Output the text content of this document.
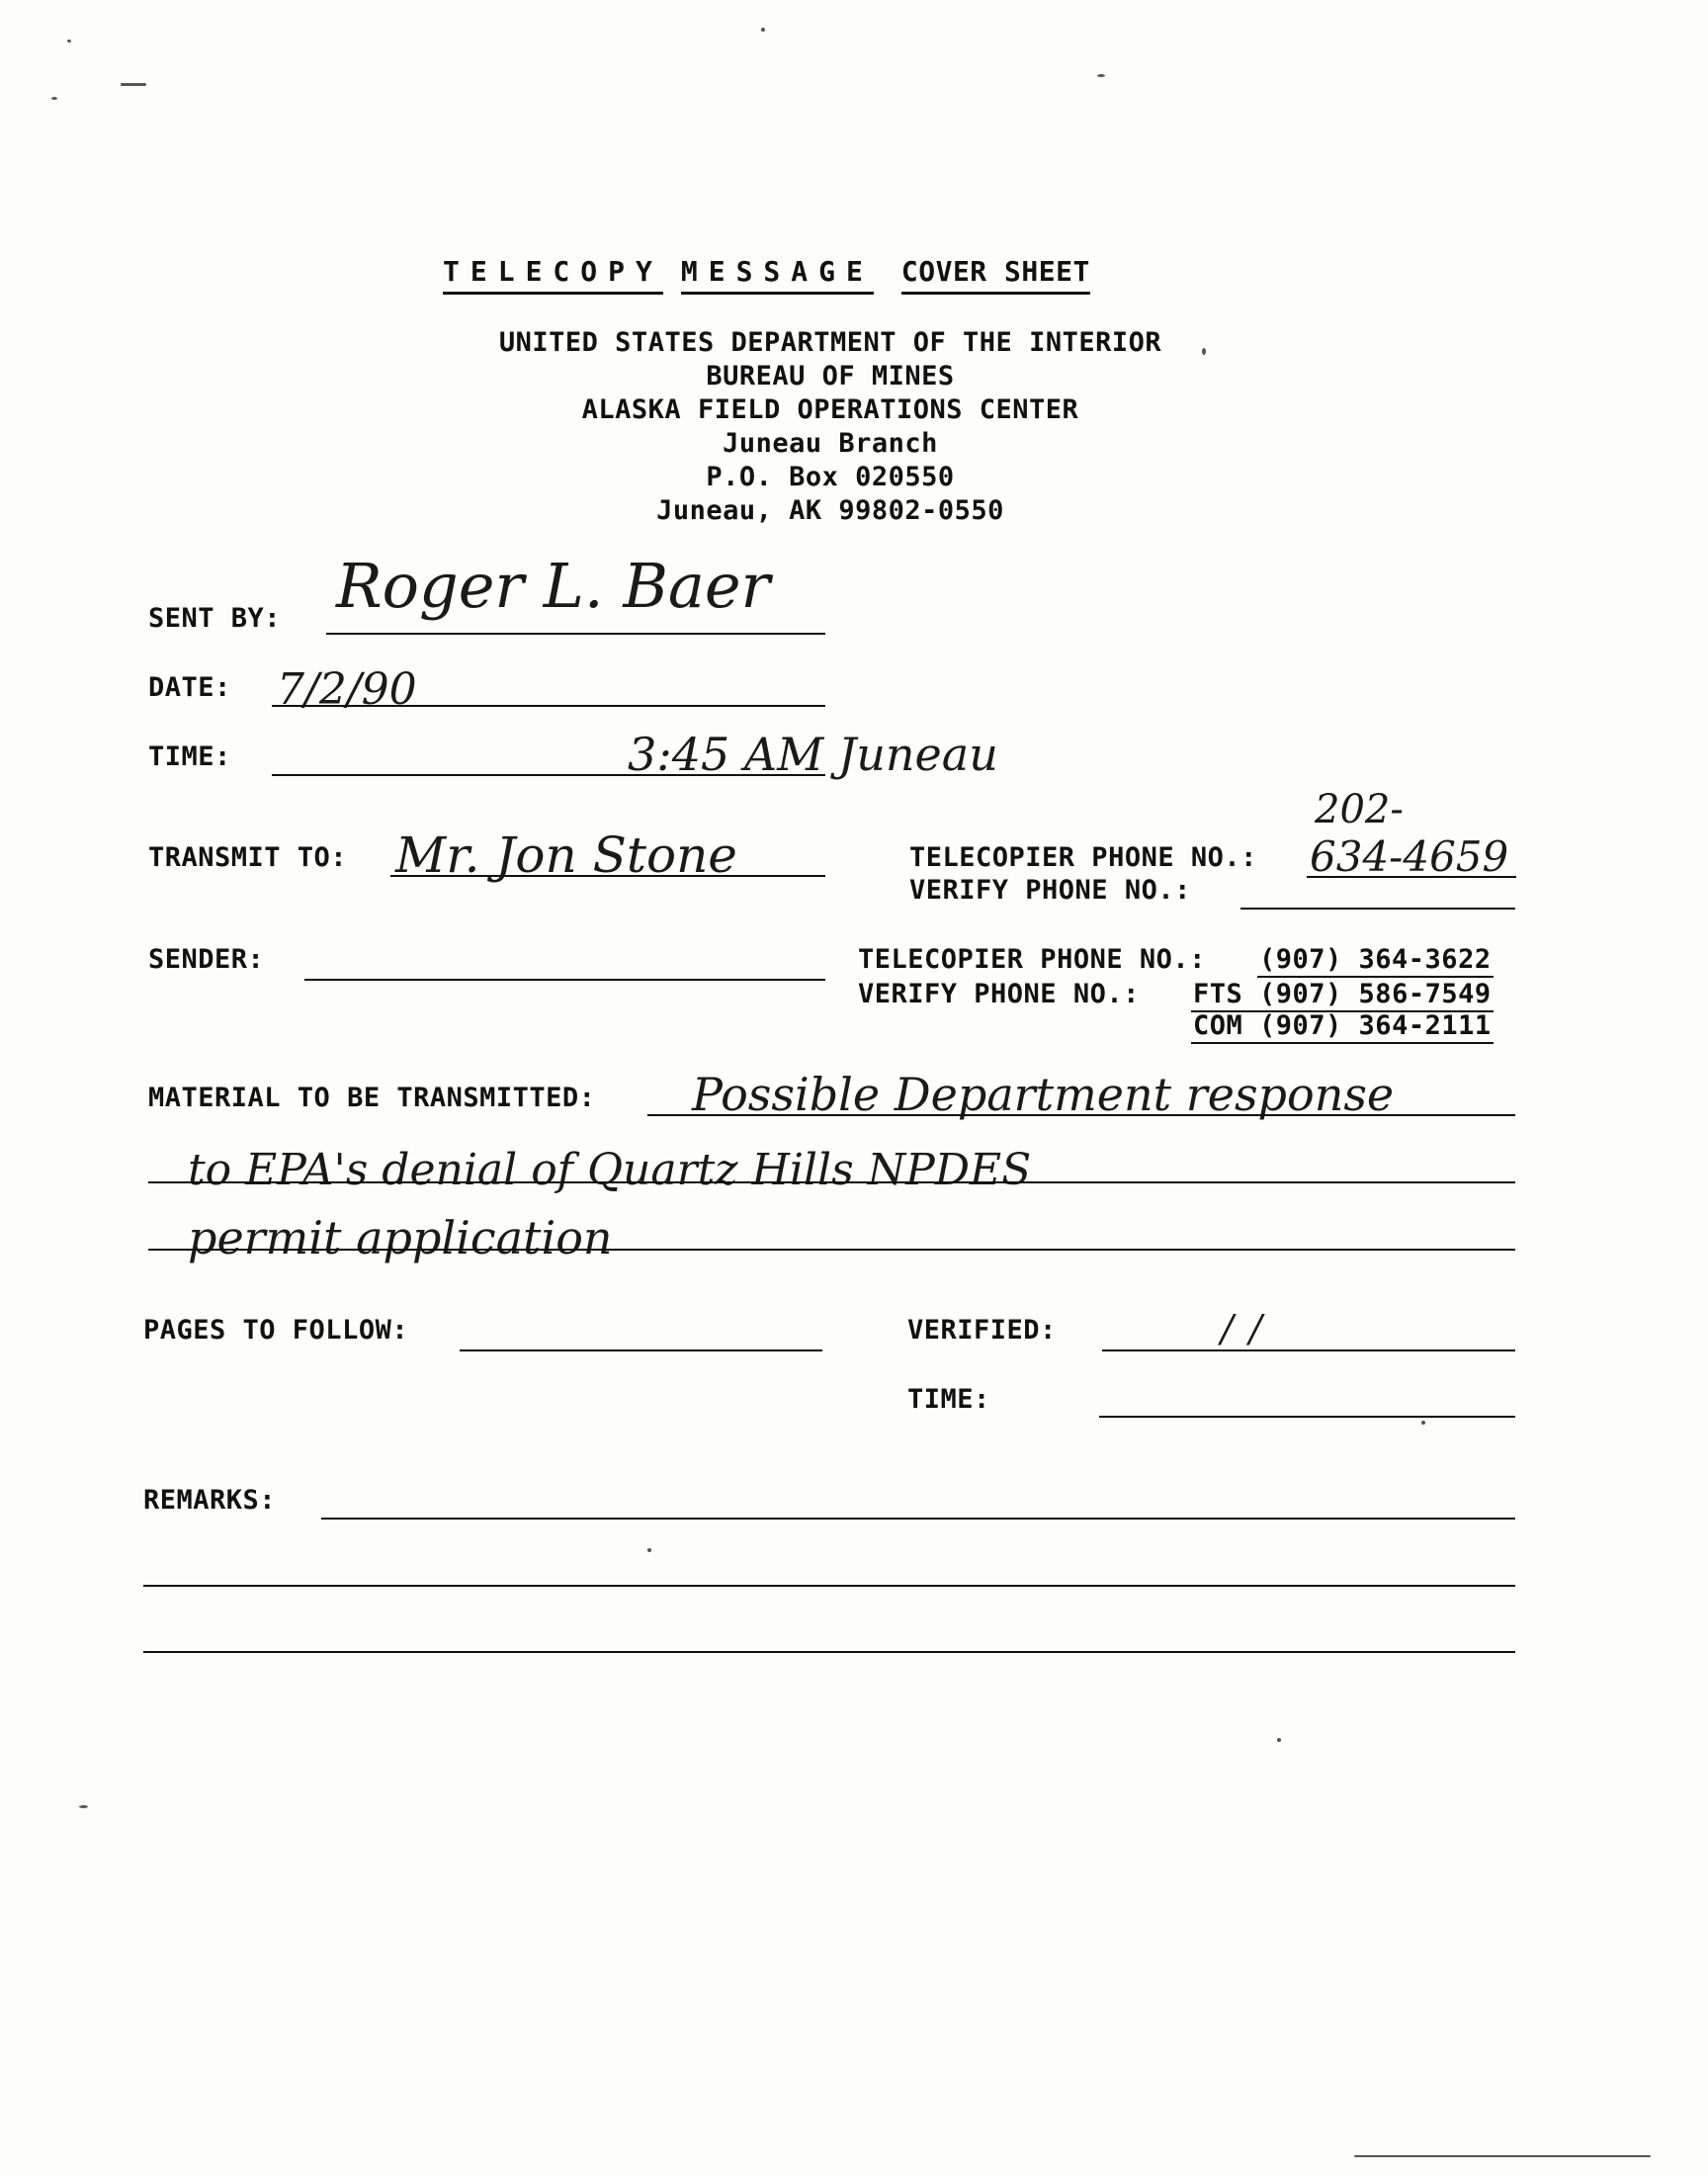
TELECOPY MESSAGE COVER SHEET
UNITED STATES DEPARTMENT OF THE INTERIOR
BUREAU OF MINES
ALASKA FIELD OPERATIONS CENTER
Juneau Branch
P.O. Box 020550
Juneau, AK 99802-0550
SENT BY: Roger L. Baer
DATE: 7/2/90
TIME:	3:45 AM Juneau
TRANSMIT TO: Mr. Jon Stone	TELECOPIER PHONE NO.:
202-
634-4659
VERIFY PHONE NO.:
SENDER:	TELECOPIER PHONE NO.: (907) 364-3622
VERIFY PHONE NO.: FTS (907) 586-7549
COM (907) 364-2111
MATERIAL TO BE TRANSMITTED: Possible Department response
to EPA's denial of Quartz Hills NPDES
permit application
PAGES TO FOLLOW:	VERIFIED:	/ /
TIME:
REMARKS:
